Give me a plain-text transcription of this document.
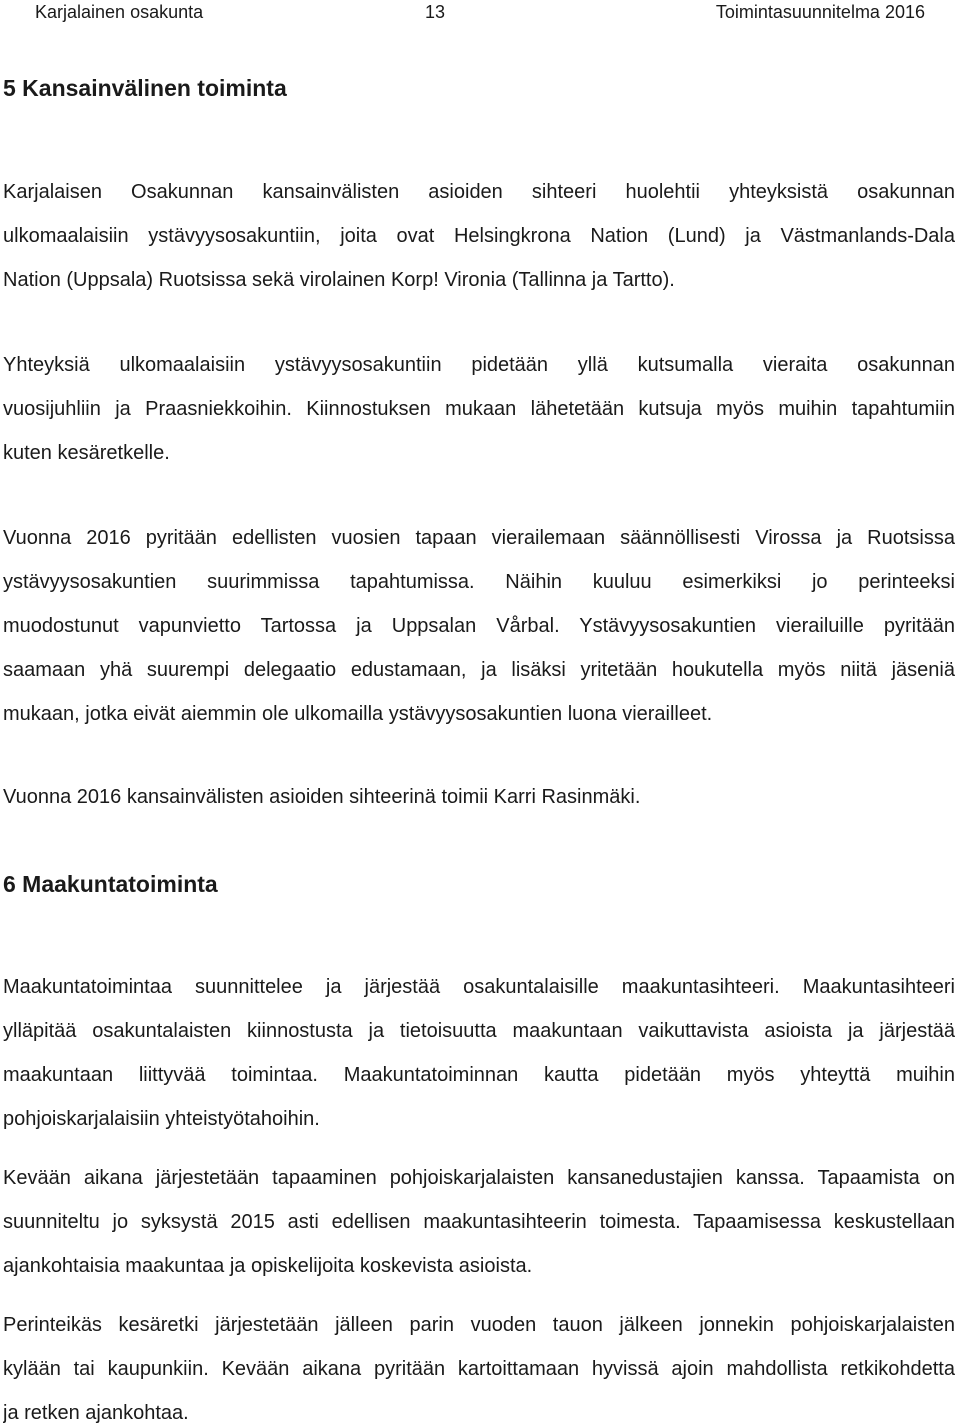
Karjalainen osakunta	13	Toimintasuunnitelma 2016
5 Kansainvälinen toiminta
Karjalaisen Osakunnan kansainvälisten asioiden sihteeri huolehtii yhteyksistä osakunnan
ulkomaalaisiin ystävyysosakuntiin, joita ovat Helsingkrona Nation (Lund) ja Västmanlands-Dala
Nation (Uppsala) Ruotsissa sekä virolainen Korp! Vironia (Tallinna ja Tartto).
Yhteyksiä ulkomaalaisiin ystävyysosakuntiin pidetään yllä kutsumalla vieraita osakunnan
vuosijuhliin ja Praasniekkoihin. Kiinnostuksen mukaan lähetetään kutsuja myös muihin tapahtumiin
kuten kesäretkelle.
Vuonna 2016 pyritään edellisten vuosien tapaan vierailemaan säännöllisesti Virossa ja Ruotsissa
ystävyysosakuntien suurimmissa tapahtumissa. Näihin kuuluu esimerkiksi jo perinteeksi
muodostunut vapunvietto Tartossa ja Uppsalan Vårbal. Ystävyysosakuntien vierailuille pyritään
saamaan yhä suurempi delegaatio edustamaan, ja lisäksi yritetään houkutella myös niitä jäseniä
mukaan, jotka eivät aiemmin ole ulkomailla ystävyysosakuntien luona vierailleet.
Vuonna 2016 kansainvälisten asioiden sihteerinä toimii Karri Rasinmäki.
6 Maakuntatoiminta
Maakuntatoimintaa suunnittelee ja järjestää osakuntalaisille maakuntasihteeri. Maakuntasihteeri
ylläpitää osakuntalaisten kiinnostusta ja tietoisuutta maakuntaan vaikuttavista asioista ja järjestää
maakuntaan liittyvää toimintaa. Maakuntatoiminnan kautta pidetään myös yhteyttä muihin
pohjoiskarjalaisiin yhteistyötahoihin.
Kevään aikana järjestetään tapaaminen pohjoiskarjalaisten kansanedustajien kanssa. Tapaamista on
suunniteltu jo syksystä 2015 asti edellisen maakuntasihteerin toimesta. Tapaamisessa keskustellaan
ajankohtaisia maakuntaa ja opiskelijoita koskevista asioista.
Perinteikäs kesäretki järjestetään jälleen parin vuoden tauon jälkeen jonnekin pohjoiskarjalaisten
kylään tai kaupunkiin. Kevään aikana pyritään kartoittamaan hyvissä ajoin mahdollista retkikohdetta
ja retken ajankohtaa.
